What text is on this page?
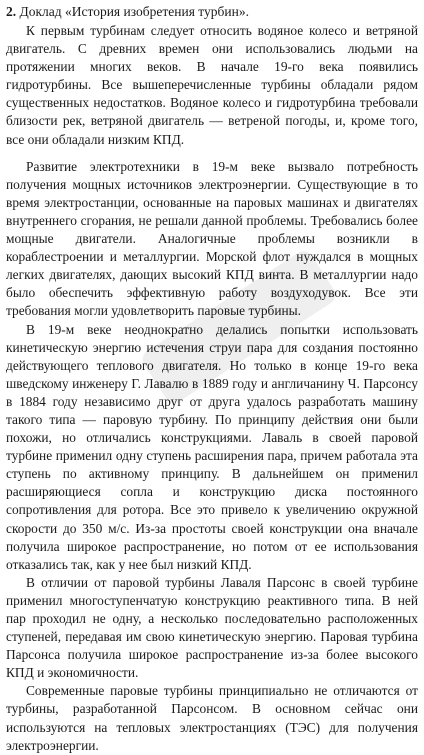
2. Доклад «История изобретения турбин».

К первым турбинам следует относить водяное колесо и ветряной двигатель. С древних времен они использовались людьми на протяжении многих веков. В начале 19-го века появились гидротурбины. Все вышеперечисленные турбины обладали рядом существенных недостатков. Водяное колесо и гидротурбина требовали близости рек, ветряной двигатель — ветреной погоды, и, кроме того, все они обладали низким КПД.

Развитие электротехники в 19-м веке вызвало потребность получения мощных источников электроэнергии. Существующие в то время электростанции, основанные на паровых машинах и двигателях внутреннего сгорания, не решали данной проблемы. Требовались более мощные двигатели. Аналогичные проблемы возникли в кораблестроении и металлургии. Морской флот нуждался в мощных легких двигателях, дающих высокий КПД винта. В металлургии надо было обеспечить эффективную работу воздуходувок. Все эти требования могли удовлетворить паровые турбины.

В 19-м веке неоднократно делались попытки использовать кинетическую энергию истечения струи пара для создания постоянно действующего теплового двигателя. Но только в конце 19-го века шведскому инженеру Г. Лавалю в 1889 году и англичанину Ч. Парсонсу в 1884 году независимо друг от друга удалось разработать машину такого типа — паровую турбину. По принципу действия они были похожи, но отличались конструкциями. Лаваль в своей паровой турбине применил одну ступень расширения пара, причем работала эта ступень по активному принципу. В дальнейшем он применил расширяющиеся сопла и конструкцию диска постоянного сопротивления для ротора. Все это привело к увеличению окружной скорости до 350 м/с. Из-за простоты своей конструкции она вначале получила широкое распространение, но потом от ее использования отказались так, как у нее был низкий КПД.

В отличии от паровой турбины Лаваля Парсонс в своей турбине применил многоступенчатую конструкцию реактивного типа. В ней пар проходил не одну, а несколько последовательно расположенных ступеней, передавая им свою кинетическую энергию. Паровая турбина Парсонса получила широкое распространение из-за более высокого КПД и экономичности.

Современные паровые турбины принципиально не отличаются от турбины, разработанной Парсонсом. В основном сейчас они используются на тепловых электростанциях (ТЭС) для получения электроэнергии.
